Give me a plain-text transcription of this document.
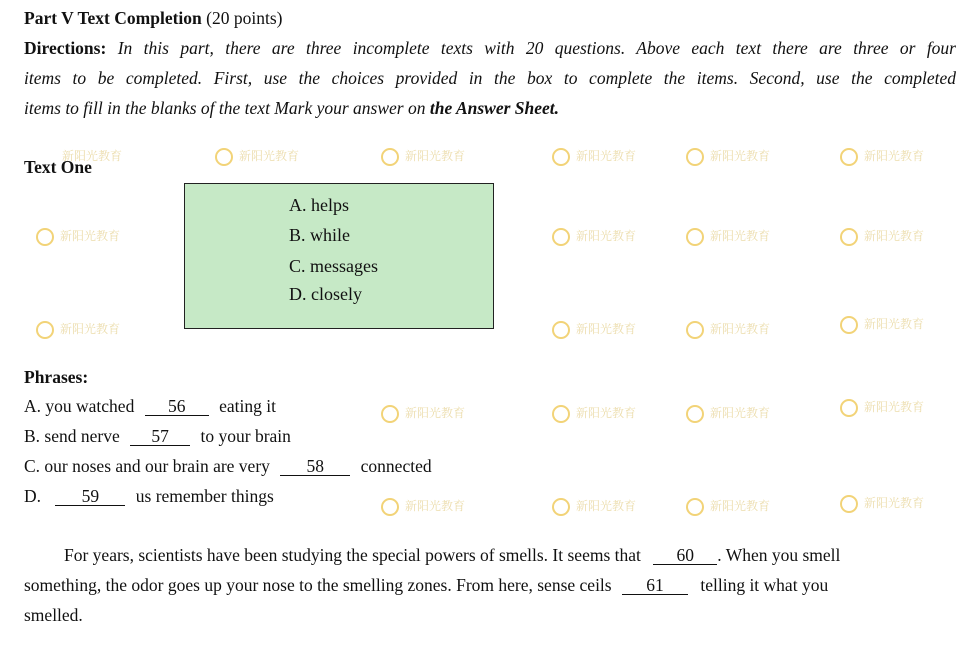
新阳光教育	新阳光教育	新阳光教育	新阳光教育	新阳光教育	新阳光教育
新阳光教育	新阳光教育	新阳光教育	新阳光教育
新阳光教育	新阳光教育	新阳光教育	新阳光教育
新阳光教育	新阳光教育	新阳光教育	新阳光教育
新阳光教育	新阳光教育	新阳光教育	新阳光教育
Part V Text Completion (20 points)
Directions: In this part, there are three incomplete texts with 20 questions. Above each text there are three or four
items to be completed. First, use the choices provided in the box to complete the items. Second, use the completed
items to fill in the blanks of the text Mark your answer on the Answer Sheet.
Text One
A. helps
B. while
C. messages
D. closely
Phrases:
A. you watched 56 eating it
B. send nerve 57 to your brain
C. our noses and our brain are very 58 connected
D. 59 us remember things
For years, scientists have been studying the special powers of smells. It seems that 60 . When you smell
something, the odor goes up your nose to the smelling zones. From here, sense ceils 61 telling it what you
smelled.
